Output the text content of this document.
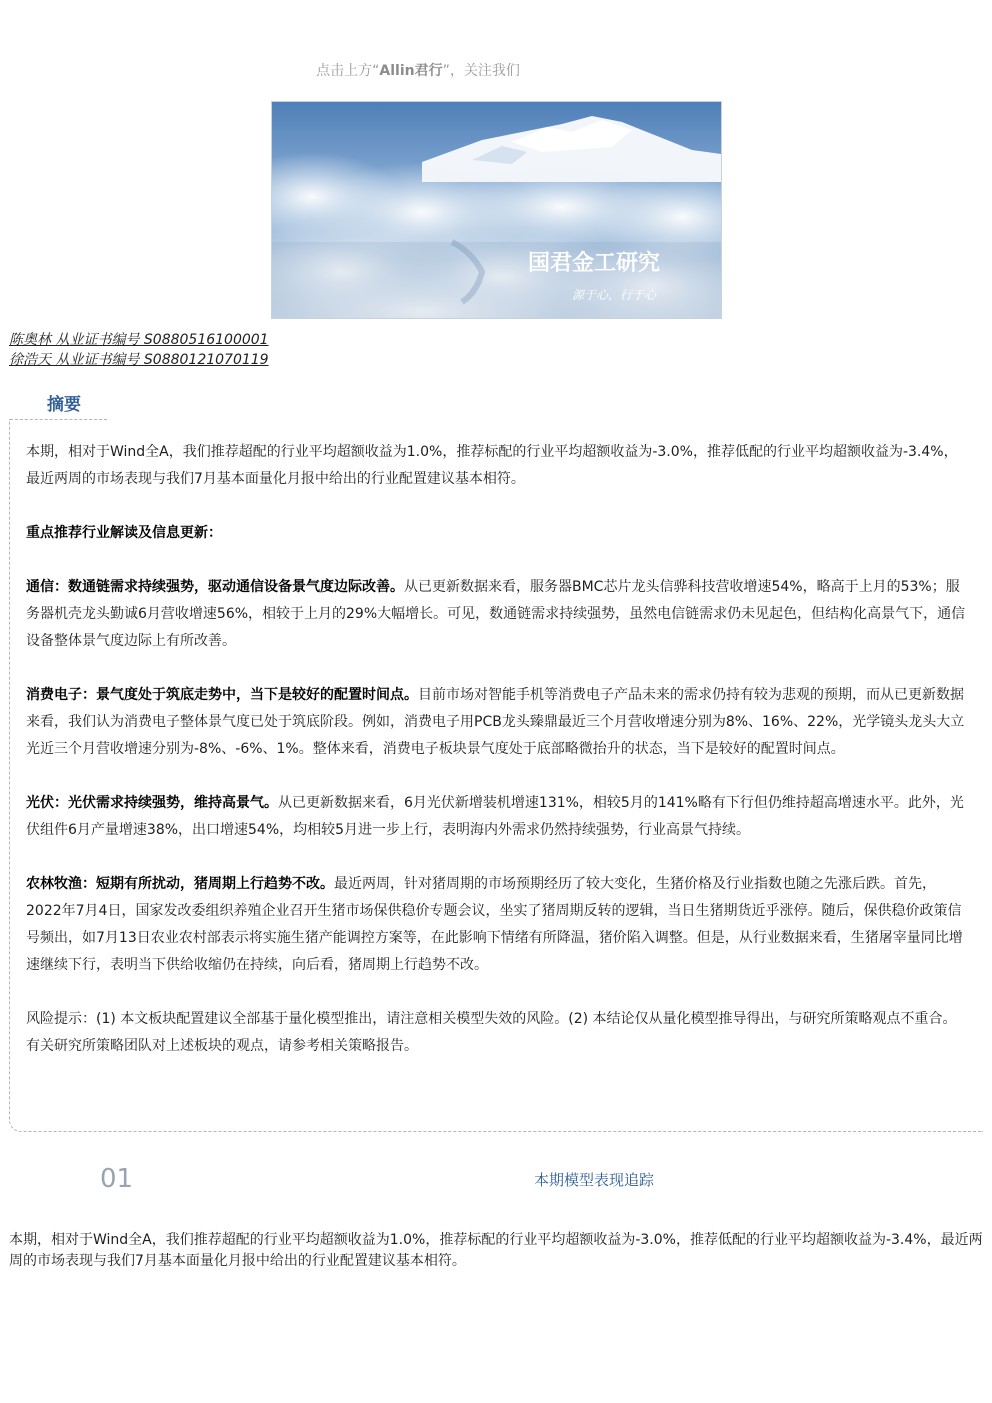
点击上方“Allin君行”，关注我们
国君金工研究
源于心，行于心
陈奥林 从业证书编号 S0880516100001
徐浩天 从业证书编号 S0880121070119
摘要

本期，相对于Wind全A，我们推荐超配的行业平均超额收益为1.0%，推荐标配的行业平均超额收益为-3.0%，推荐低配的行业平均超额收益为-3.4%，最近两周的市场表现与我们7月基本面量化月报中给出的行业配置建议基本相符。

重点推荐行业解读及信息更新：

通信：数通链需求持续强势，驱动通信设备景气度边际改善。从已更新数据来看，服务器BMC芯片龙头信骅科技营收增速54%，略高于上月的53%；服务器机壳龙头勤诚6月营收增速56%，相较于上月的29%大幅增长。可见，数通链需求持续强势，虽然电信链需求仍未见起色，但结构化高景气下，通信设备整体景气度边际上有所改善。

消费电子：景气度处于筑底走势中，当下是较好的配置时间点。目前市场对智能手机等消费电子产品未来的需求仍持有较为悲观的预期，而从已更新数据来看，我们认为消费电子整体景气度已处于筑底阶段。例如，消费电子用PCB龙头臻鼎最近三个月营收增速分别为8%、16%、22%，光学镜头龙头大立光近三个月营收增速分别为-8%、-6%、1%。整体来看，消费电子板块景气度处于底部略微抬升的状态，当下是较好的配置时间点。

光伏：光伏需求持续强势，维持高景气。从已更新数据来看，6月光伏新增装机增速131%，相较5月的141%略有下行但仍维持超高增速水平。此外，光伏组件6月产量增速38%，出口增速54%，均相较5月进一步上行，表明海内外需求仍然持续强势，行业高景气持续。

农林牧渔：短期有所扰动，猪周期上行趋势不改。最近两周，针对猪周期的市场预期经历了较大变化，生猪价格及行业指数也随之先涨后跌。首先，2022年7月4日，国家发改委组织养殖企业召开生猪市场保供稳价专题会议，坐实了猪周期反转的逻辑，当日生猪期货近乎涨停。随后，保供稳价政策信号频出，如7月13日农业农村部表示将实施生猪产能调控方案等，在此影响下情绪有所降温，猪价陷入调整。但是，从行业数据来看，生猪屠宰量同比增速继续下行，表明当下供给收缩仍在持续，向后看，猪周期上行趋势不改。

风险提示：(1) 本文板块配置建议全部基于量化模型推出，请注意相关模型失效的风险。(2) 本结论仅从量化模型推导得出，与研究所策略观点不重合。有关研究所策略团队对上述板块的观点，请参考相关策略报告。

01	本期模型表现追踪

本期，相对于Wind全A，我们推荐超配的行业平均超额收益为1.0%，推荐标配的行业平均超额收益为-3.0%，推荐低配的行业平均超额收益为-3.4%，最近两周的市场表现与我们7月基本面量化月报中给出的行业配置建议基本相符。
